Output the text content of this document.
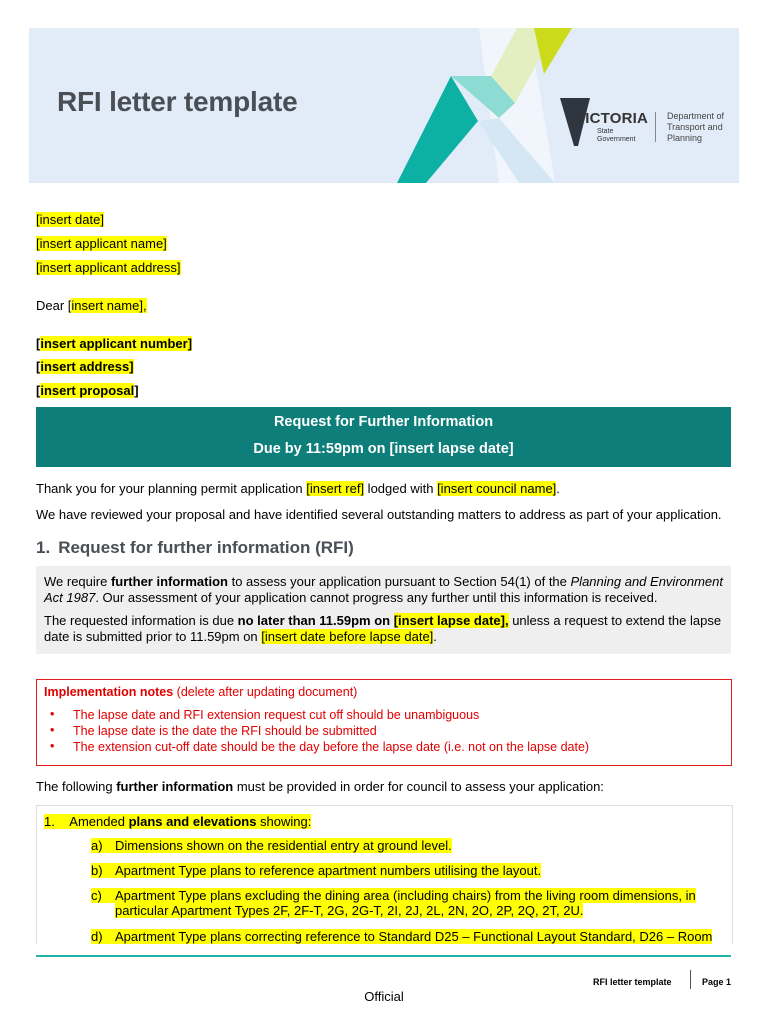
RFI letter template
VICTORIA
State Government
Department of Transport and Planning
[insert date]
[insert applicant name]
[insert applicant address]
Dear [insert name],
[insert applicant number]
[insert address]
[insert proposal]
Request for Further Information
Due by 11:59pm on [insert lapse date]
Thank you for your planning permit application [insert ref] lodged with [insert council name].
We have reviewed your proposal and have identified several outstanding matters to address as part of your application.
1. Request for further information (RFI)
We require further information to assess your application pursuant to Section 54(1) of the Planning and Environment Act 1987. Our assessment of your application cannot progress any further until this information is received.
The requested information is due no later than 11.59pm on [insert lapse date], unless a request to extend the lapse date is submitted prior to 11.59pm on [insert date before lapse date].
Implementation notes (delete after updating document)
• The lapse date and RFI extension request cut off should be unambiguous
• The lapse date is the date the RFI should be submitted
• The extension cut-off date should be the day before the lapse date (i.e. not on the lapse date)
The following further information must be provided in order for council to assess your application:
1. Amended plans and elevations showing:
a) Dimensions shown on the residential entry at ground level.
b) Apartment Type plans to reference apartment numbers utilising the layout.
c) Apartment Type plans excluding the dining area (including chairs) from the living room dimensions, in
particular Apartment Types 2F, 2F-T, 2G, 2G-T, 2I, 2J, 2L, 2N, 2O, 2P, 2Q, 2T, 2U.
d) Apartment Type plans correcting reference to Standard D25 – Functional Layout Standard, D26 – Room
RFI letter template	Page 1
Official
